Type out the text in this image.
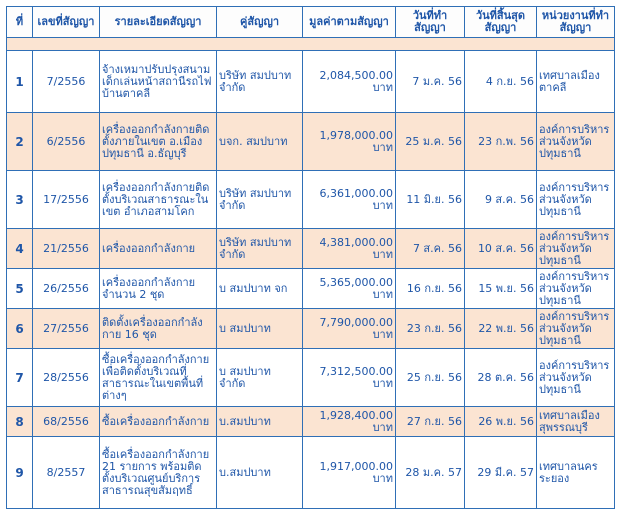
ที่	เลขที่สัญญา	รายละเอียดสัญญา	คู่สัญญา	มูลค่าตามสัญญา	วันที่ทำสัญญา	วันที่สิ้นสุดสัญญา	หน่วยงานที่ทำสัญญา

1	7/2556	จ้างเหมาปรับปรุงสนามเด็กเล่นหน้าสถานีรถไฟบ้านตาคลี	บริษัท สมปบาท จำกัด	2,084,500.00 บาท	7 ม.ค. 56	4 ก.ย. 56	เทศบาลเมืองตาคลี
2	6/2556	เครื่องออกกำลังกายติดตั้งภายในเขต อ.เมืองปทุมธานี อ.ธัญบุรี	บจก. สมปบาท	1,978,000.00 บาท	25 ม.ค. 56	23 ก.พ. 56	องค์การบริหารส่วนจังหวัดปทุมธานี
3	17/2556	เครื่องออกกำลังกายติดตั้งบริเวณสาธารณะในเขต อำเภอสามโคก	บริษัท สมปบาท จำกัด	6,361,000.00 บาท	11 มิ.ย. 56	9 ส.ค. 56	องค์การบริหารส่วนจังหวัดปทุมธานี
4	21/2556	เครื่องออกกำลังกาย	บริษัท สมปบาท จำกัด	4,381,000.00 บาท	7 ส.ค. 56	10 ส.ค. 56	องค์การบริหารส่วนจังหวัดปทุมธานี
5	26/2556	เครื่องออกกำลังกายจำนวน 2 ชุด	บ สมปบาท จก	5,365,000.00 บาท	16 ก.ย. 56	15 พ.ย. 56	องค์การบริหารส่วนจังหวัดปทุมธานี
6	27/2556	ติดตั้งเครื่องออกกำลังกาย 16 ชุด	บ สมปบาท	7,790,000.00 บาท	23 ก.ย. 56	22 พ.ย. 56	องค์การบริหารส่วนจังหวัดปทุมธานี
7	28/2556	ซื้อเครื่องออกกำลังกายเพื่อติดตั้งบริเวณที่สาธารณะในเขตพื้นที่ต่างๆ	บ สมปบาท จำกัด	7,312,500.00 บาท	25 ก.ย. 56	28 ต.ค. 56	องค์การบริหารส่วนจังหวัดปทุมธานี
8	68/2556	ซื้อเครื่องออกกำลังกาย	บ.สมปบาท	1,928,400.00 บาท	27 ก.ย. 56	26 พ.ย. 56	เทศบาลเมืองสุพรรณบุรี
9	8/2557	ซื้อเครื่องออกกำลังกาย 21 รายการ พร้อมติดตั้งบริเวณศูนย์บริการสาธารณสุขสัมฤทธิ์	บ.สมปบาท	1,917,000.00 บาท	28 ม.ค. 57	29 มี.ค. 57	เทศบาลนครระยอง
